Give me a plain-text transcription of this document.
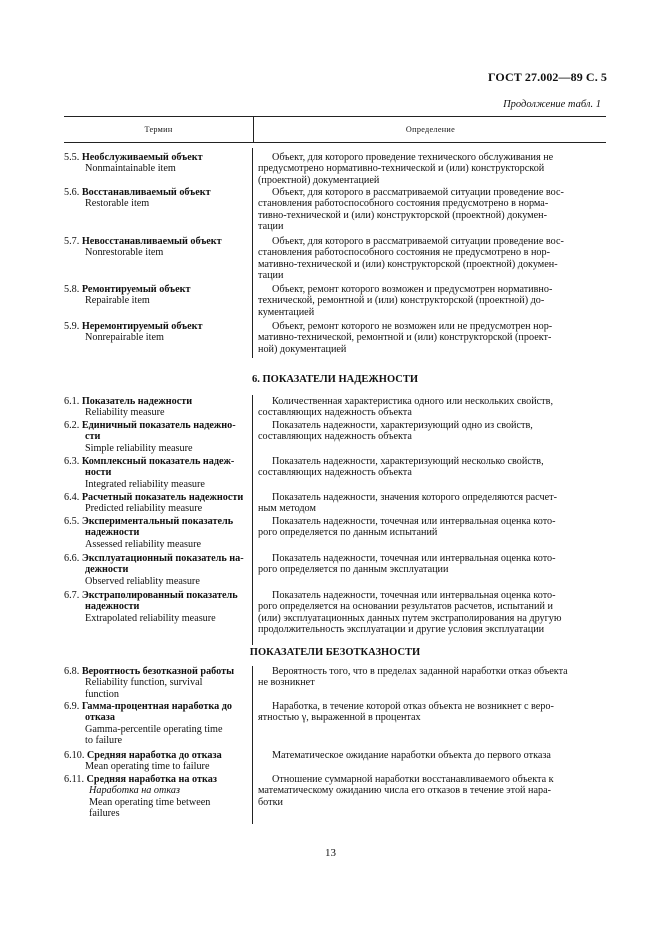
ГОСТ 27.002—89 С. 5
Продолжение табл. 1
Термин	Определение
5.5. Необслуживаемый объект
Nonmaintainable item
Объект, для которого проведение технического обслуживания не
предусмотрено нормативно-технической и (или) конструкторской
(проектной) документацией
5.6. Восстанавливаемый объект
Restorable item
Объект, для которого в рассматриваемой ситуации проведение вос-
становления работоспособного состояния предусмотрено в норма-
тивно-технической и (или) конструкторской (проектной) докумен-
тации
5.7. Невосстанавливаемый объект
Nonrestorable item
Объект, для которого в рассматриваемой ситуации проведение вос-
становления работоспособного состояния не предусмотрено в нор-
мативно-технической и (или) конструкторской (проектной) докумен-
тации
5.8. Ремонтируемый объект
Repairable item
Объект, ремонт которого возможен и предусмотрен нормативно-
технической, ремонтной и (или) конструкторской (проектной) до-
кументацией
5.9. Неремонтируемый объект
Nonrepairable item
Объект, ремонт которого не возможен или не предусмотрен нор-
мативно-технической, ремонтной и (или) конструкторской (проект-
ной) документацией
6. ПОКАЗАТЕЛИ НАДЕЖНОСТИ
6.1. Показатель надежности
Reliability measure
Количественная характеристика одного или нескольких свойств,
составляющих надежность объекта
6.2. Единичный показатель надежно-
сти
Simple reliability measure
Показатель надежности, характеризующий одно из свойств,
составляющих надежность объекта
6.3. Комплексный показатель надеж-
ности
Integrated reliability measure
Показатель надежности, характеризующий несколько свойств,
составляющих надежность объекта
6.4. Расчетный показатель надежности
Predicted reliability measure
Показатель надежности, значения которого определяются расчет-
ным методом
6.5. Экспериментальный показатель
надежности
Assessed reliability measure
Показатель надежности, точечная или интервальная оценка кото-
рого определяется по данным испытаний
6.6. Эксплуатационный показатель на-
дежности
Observed reliablity measure
Показатель надежности, точечная или интервальная оценка кото-
рого определяется по данным эксплуатации
6.7. Экстраполированный показатель
надежности
Extrapolated reliability measure
Показатель надежности, точечная или интервальная оценка кото-
рого определяется на основании результатов расчетов, испытаний и
(или) эксплуатационных данных путем экстраполирования на другую
продолжительность эксплуатации и другие условия эксплуатации
ПОКАЗАТЕЛИ БЕЗОТКАЗНОСТИ
6.8. Вероятность безотказной работы
Reliability function, survival
function
Вероятность того, что в пределах заданной наработки отказ объекта
не возникнет
6.9. Гамма-процентная наработка до
отказа
Gamma-percentile operating time
to failure
Наработка, в течение которой отказ объекта не возникнет с веро-
ятностью γ, выраженной в процентах
6.10. Средняя наработка до отказа
Mean operating time to failure
Математическое ожидание наработки объекта до первого отказа
6.11. Средняя наработка на отказ
Наработка на отказ
Mean operating time between
failures
Отношение суммарной наработки восстанавливаемого объекта к
математическому ожиданию числа его отказов в течение этой нара-
ботки
13
